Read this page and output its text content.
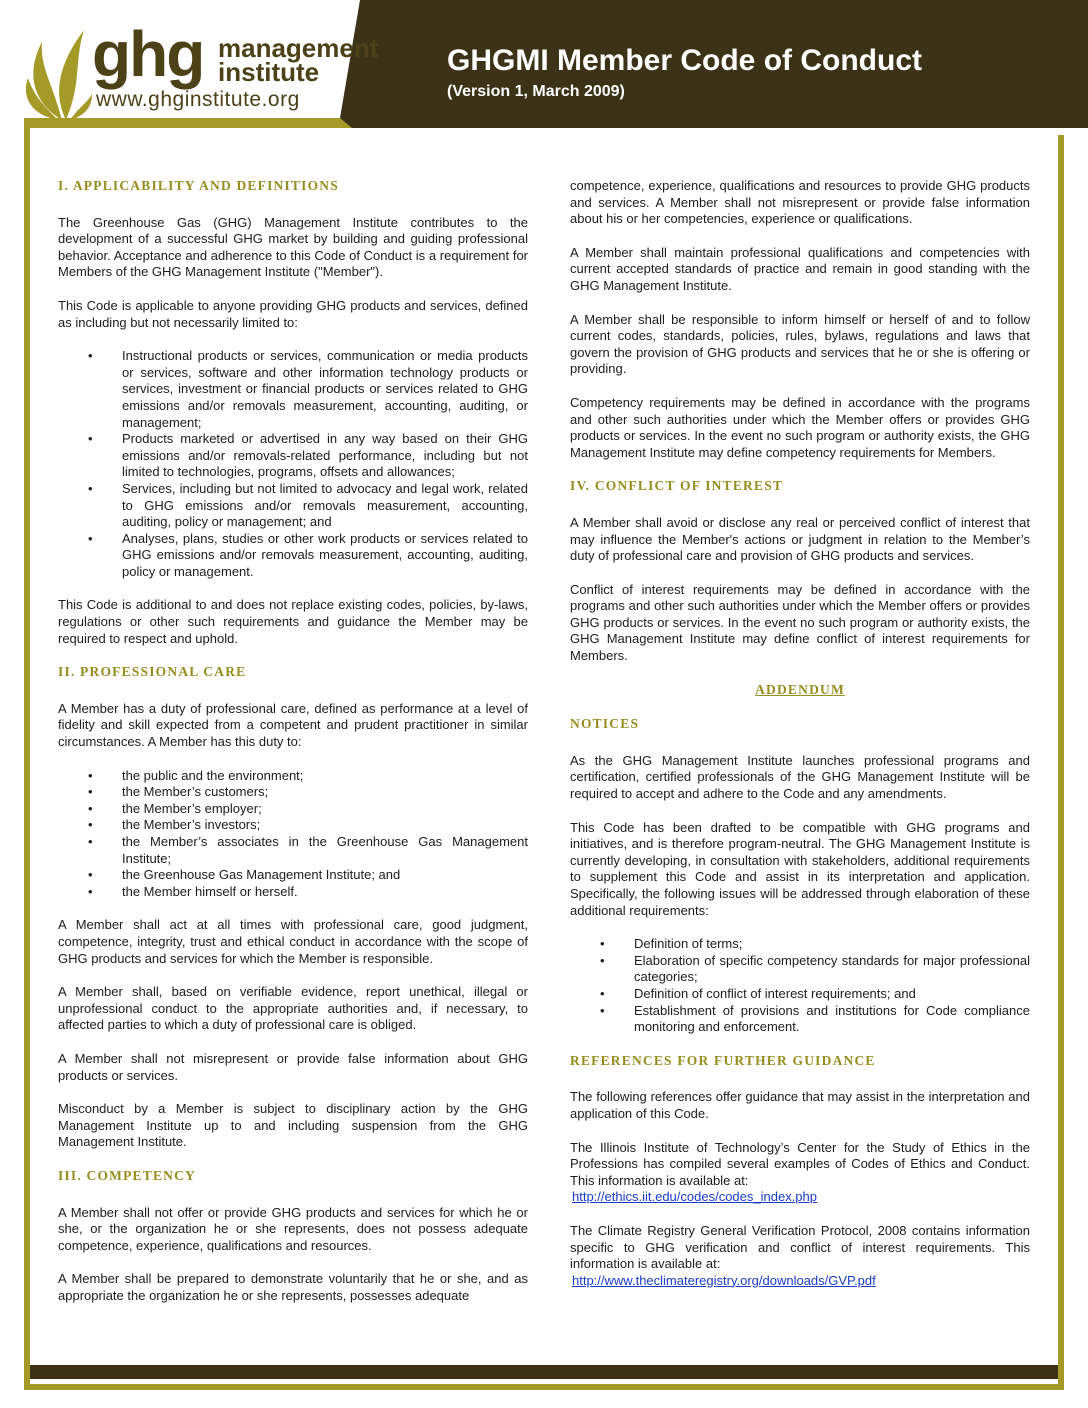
ghg management
institute
www.ghginstitute.org
GHGMI Member Code of Conduct
(Version 1, March 2009)
I. APPLICABILITY AND DEFINITIONS

The Greenhouse Gas (GHG) Management Institute contributes to the development of a successful GHG market by building and guiding professional behavior. Acceptance and adherence to this Code of Conduct is a requirement for Members of the GHG Management Institute ("Member").

This Code is applicable to anyone providing GHG products and services, defined as including but not necessarily limited to:

• Instructional products or services, communication or media products or services, software and other information technology products or services, investment or financial products or services related to GHG emissions and/or removals measurement, accounting, auditing, or management;
• Products marketed or advertised in any way based on their GHG emissions and/or removals-related performance, including but not limited to technologies, programs, offsets and allowances;
• Services, including but not limited to advocacy and legal work, related to GHG emissions and/or removals measurement, accounting, auditing, policy or management; and
• Analyses, plans, studies or other work products or services related to GHG emissions and/or removals measurement, accounting, auditing, policy or management.

This Code is additional to and does not replace existing codes, policies, by-laws, regulations or other such requirements and guidance the Member may be required to respect and uphold.

II. PROFESSIONAL CARE

A Member has a duty of professional care, defined as performance at a level of fidelity and skill expected from a competent and prudent practitioner in similar circumstances. A Member has this duty to:

• the public and the environment;
• the Member’s customers;
• the Member’s employer;
• the Member’s investors;
• the Member’s associates in the Greenhouse Gas Management Institute;
• the Greenhouse Gas Management Institute; and
• the Member himself or herself.

A Member shall act at all times with professional care, good judgment, competence, integrity, trust and ethical conduct in accordance with the scope of GHG products and services for which the Member is responsible.

A Member shall, based on verifiable evidence, report unethical, illegal or unprofessional conduct to the appropriate authorities and, if necessary, to affected parties to which a duty of professional care is obliged.

A Member shall not misrepresent or provide false information about GHG products or services.

Misconduct by a Member is subject to disciplinary action by the GHG Management Institute up to and including suspension from the GHG Management Institute.

III. COMPETENCY

A Member shall not offer or provide GHG products and services for which he or she, or the organization he or she represents, does not possess adequate competence, experience, qualifications and resources.

A Member shall be prepared to demonstrate voluntarily that he or she, and as appropriate the organization he or she represents, possesses adequate

competence, experience, qualifications and resources to provide GHG products and services. A Member shall not misrepresent or provide false information about his or her competencies, experience or qualifications.

A Member shall maintain professional qualifications and competencies with current accepted standards of practice and remain in good standing with the GHG Management Institute.

A Member shall be responsible to inform himself or herself of and to follow current codes, standards, policies, rules, bylaws, regulations and laws that govern the provision of GHG products and services that he or she is offering or providing.

Competency requirements may be defined in accordance with the programs and other such authorities under which the Member offers or provides GHG products or services. In the event no such program or authority exists, the GHG Management Institute may define competency requirements for Members.

IV. CONFLICT OF INTEREST

A Member shall avoid or disclose any real or perceived conflict of interest that may influence the Member's actions or judgment in relation to the Member’s duty of professional care and provision of GHG products and services.

Conflict of interest requirements may be defined in accordance with the programs and other such authorities under which the Member offers or provides GHG products or services. In the event no such program or authority exists, the GHG Management Institute may define conflict of interest requirements for Members.

ADDENDUM
NOTICES

As the GHG Management Institute launches professional programs and certification, certified professionals of the GHG Management Institute will be required to accept and adhere to the Code and any amendments.

This Code has been drafted to be compatible with GHG programs and initiatives, and is therefore program-neutral. The GHG Management Institute is currently developing, in consultation with stakeholders, additional requirements to supplement this Code and assist in its interpretation and application. Specifically, the following issues will be addressed through elaboration of these additional requirements:

• Definition of terms;
• Elaboration of specific competency standards for major professional categories;
• Definition of conflict of interest requirements; and
• Establishment of provisions and institutions for Code compliance monitoring and enforcement.
REFERENCES FOR FURTHER GUIDANCE

The following references offer guidance that may assist in the interpretation and application of this Code.

The Illinois Institute of Technology’s Center for the Study of Ethics in the Professions has compiled several examples of Codes of Ethics and Conduct. This information is available at:
http://ethics.iit.edu/codes/codes_index.php

The Climate Registry General Verification Protocol, 2008 contains information specific to GHG verification and conflict of interest requirements. This information is available at:
http://www.theclimateregistry.org/downloads/GVP.pdf
